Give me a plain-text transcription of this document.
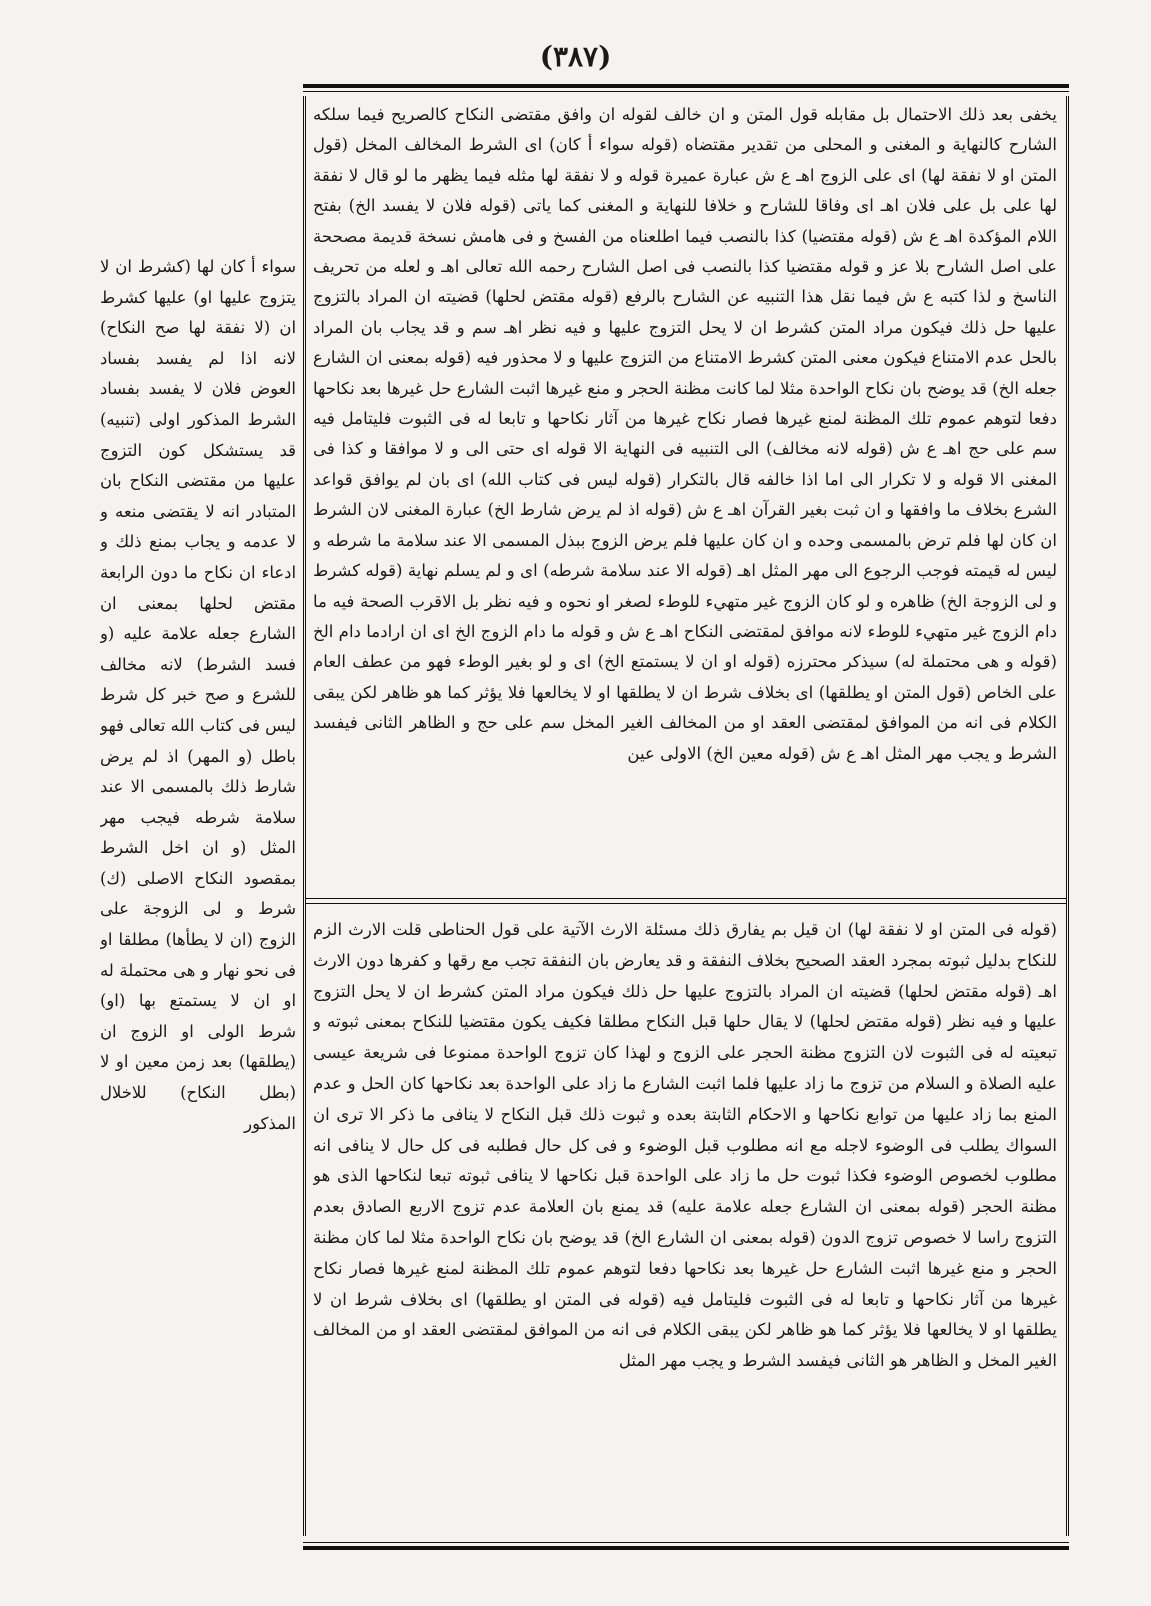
(۳۸۷)

يخفى بعد ذلك الاحتمال بل مقابله قول المتن و ان خالف لقوله ان وافق مقتضى النكاح كالصريح فيما سلكه الشارح كالنهاية و المغنى و المحلى من تقدير مقتضاه (قوله سواء أ كان) اى الشرط المخالف المخل (قول المتن او لا نفقة لها) اى على الزوج اهـ ع ش عبارة عميرة قوله و لا نفقة لها مثله فيما يظهر ما لو قال لا نفقة لها على بل على فلان اهـ اى وفاقا للشارح و خلافا للنهاية و المغنى كما ياتى (قوله فلان لا يفسد الخ) بفتح اللام المؤكدة اهـ ع ش (قوله مقتضيا) كذا بالنصب فيما اطلعناه من الفسخ و فى هامش نسخة قديمة مصححة على اصل الشارح بلا عز و قوله مقتضيا كذا بالنصب فى اصل الشارح رحمه الله تعالى اهـ و لعله من تحريف الناسخ و لذا كتبه ع ش فيما نقل هذا التنبيه عن الشارح بالرفع (قوله مقتض لحلها) قضيته ان المراد بالتزوج عليها حل ذلك فيكون مراد المتن كشرط ان لا يحل التزوج عليها و فيه نظر اهـ سم و قد يجاب بان المراد بالحل عدم الامتناع فيكون معنى المتن كشرط الامتناع من التزوج عليها و لا محذور فيه (قوله بمعنى ان الشارع جعله الخ) قد يوضح بان نكاح الواحدة مثلا لما كانت مظنة الحجر و منع غيرها اثبت الشارع حل غيرها بعد نكاحها دفعا لتوهم عموم تلك المظنة لمنع غيرها فصار نكاح غيرها من آثار نكاحها و تابعا له فى الثبوت فليتامل فيه سم على حج اهـ ع ش (قوله لانه مخالف) الى التنبيه فى النهاية الا قوله اى حتى الى و لا موافقا و كذا فى المغنى الا قوله و لا تكرار الى اما اذا خالفه قال بالتكرار (قوله ليس فى كتاب الله) اى بان لم يوافق قواعد الشرع بخلاف ما وافقها و ان ثبت بغير القرآن اهـ ع ش (قوله اذ لم يرض شارط الخ) عبارة المغنى لان الشرط ان كان لها فلم ترض بالمسمى وحده و ان كان عليها فلم يرض الزوج ببذل المسمى الا عند سلامة ما شرطه و ليس له قيمته فوجب الرجوع الى مهر المثل اهـ (قوله الا عند سلامة شرطه) اى و لم يسلم نهاية (قوله كشرط و لى الزوجة الخ) ظاهره و لو كان الزوج غير متهيء للوطء لصغر او نحوه و فيه نظر بل الاقرب الصحة فيه ما دام الزوج غير متهيء للوطء لانه موافق لمقتضى النكاح اهـ ع ش و قوله ما دام الزوج الخ اى ان ارادما دام الخ (قوله و هى محتملة له) سيذكر محترزه (قوله او ان لا يستمتع الخ) اى و لو بغير الوطء فهو من عطف العام على الخاص (قول المتن او يطلقها) اى بخلاف شرط ان لا يطلقها او لا يخالعها فلا يؤثر كما هو ظاهر لكن يبقى الكلام فى انه من الموافق لمقتضى العقد او من المخالف الغير المخل سم على حج و الظاهر الثانى فيفسد الشرط و يجب مهر المثل اهـ ع ش (قوله معين الخ) الاولى عين

(قوله فى المتن او لا نفقة لها) ان قيل بم يفارق ذلك مسئلة الارث الآتية على قول الحناطى قلت الارث الزم للنكاح بدليل ثبوته بمجرد العقد الصحيح بخلاف النفقة و قد يعارض بان النفقة تجب مع رقها و كفرها دون الارث اهـ (قوله مقتض لحلها) قضيته ان المراد بالتزوج عليها حل ذلك فيكون مراد المتن كشرط ان لا يحل التزوج عليها و فيه نظر (قوله مقتض لحلها) لا يقال حلها قبل النكاح مطلقا فكيف يكون مقتضيا للنكاح بمعنى ثبوته و تبعيته له فى الثبوت لان التزوج مظنة الحجر على الزوج و لهذا كان تزوج الواحدة ممنوعا فى شريعة عيسى عليه الصلاة و السلام من تزوج ما زاد عليها فلما اثبت الشارع ما زاد على الواحدة بعد نكاحها كان الحل و عدم المنع بما زاد عليها من توابع نكاحها و الاحكام الثابتة بعده و ثبوت ذلك قبل النكاح لا ينافى ما ذكر الا ترى ان السواك يطلب فى الوضوء لاجله مع انه مطلوب قبل الوضوء و فى كل حال فطلبه فى كل حال لا ينافى انه مطلوب لخصوص الوضوء فكذا ثبوت حل ما زاد على الواحدة قبل نكاحها لا ينافى ثبوته تبعا لنكاحها الذى هو مظنة الحجر (قوله بمعنى ان الشارع جعله علامة عليه) قد يمنع بان العلامة عدم تزوج الاربع الصادق بعدم التزوج راسا لا خصوص تزوج الدون (قوله بمعنى ان الشارع الخ) قد يوضح بان نكاح الواحدة مثلا لما كان مظنة الحجر و منع غيرها اثبت الشارع حل غيرها بعد نكاحها دفعا لتوهم عموم تلك المظنة لمنع غيرها فصار نكاح غيرها من آثار نكاحها و تابعا له فى الثبوت فليتامل فيه (قوله فى المتن او يطلقها) اى بخلاف شرط ان لا يطلقها او لا يخالعها فلا يؤثر كما هو ظاهر لكن يبقى الكلام فى انه من الموافق لمقتضى العقد او من المخالف الغير المخل و الظاهر هو الثانى فيفسد الشرط و يجب مهر المثل

سواء أ كان لها (كشرط ان لا يتزوج عليها او) عليها كشرط ان (لا نفقة لها صح النكاح) لانه اذا لم يفسد بفساد العوض فلان لا يفسد بفساد الشرط المذكور اولى (تنبيه) قد يستشكل كون التزوج عليها من مقتضى النكاح بان المتبادر انه لا يقتضى منعه و لا عدمه و يجاب بمنع ذلك و ادعاء ان نكاح ما دون الرابعة مقتض لحلها بمعنى ان الشارع جعله علامة عليه (و فسد الشرط) لانه مخالف للشرع و صح خبر كل شرط ليس فى كتاب الله تعالى فهو باطل (و المهر) اذ لم يرض شارط ذلك بالمسمى الا عند سلامة شرطه فيجب مهر المثل (و ان اخل الشرط بمقصود النكاح الاصلى (ك) شرط و لى الزوجة على الزوج (ان لا يطأها) مطلقا او فى نحو نهار و هى محتملة له او ان لا يستمتع بها (او) شرط الولى او الزوج ان (يطلقها) بعد زمن معين او لا (بطل النكاح) للاخلال المذكور
